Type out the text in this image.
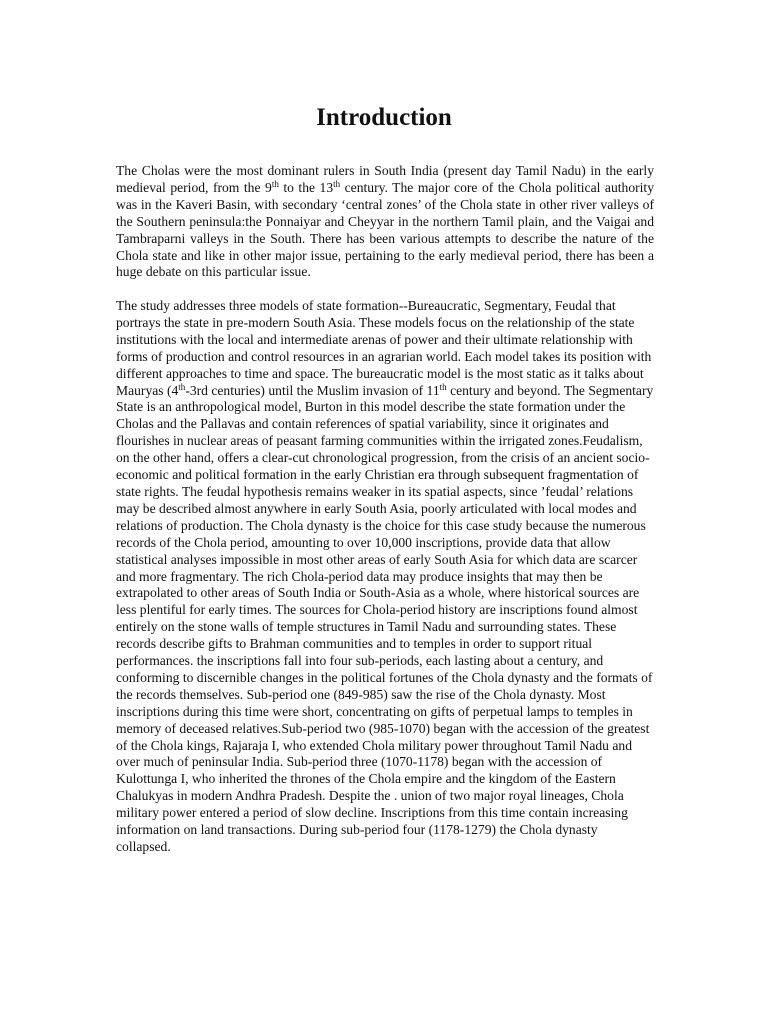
Introduction

The Cholas were the most dominant rulers in South India (present day Tamil Nadu) in the early medieval period, from the 9th to the 13th century. The major core of the Chola political authority was in the Kaveri Basin, with secondary ‘central zones’ of the Chola state in other river valleys of the Southern peninsula:the Ponnaiyar and Cheyyar in the northern Tamil plain, and the Vaigai and Tambraparni valleys in the South. There has been various attempts to describe the nature of the Chola state and like in other major issue, pertaining to the early medieval period, there has been a huge debate on this particular issue.

The study addresses three models of state formation--Bureaucratic, Segmentary, Feudal that portrays the state in pre-modern South Asia. These models focus on the relationship of the state institutions with the local and intermediate arenas of power and their ultimate relationship with forms of production and control resources in an agrarian world. Each model takes its position with different approaches to time and space. The bureaucratic model is the most static as it talks about Mauryas (4th-3rd centuries) until the Muslim invasion of 11th century and beyond. The Segmentary State is an anthropological model, Burton in this model describe the state formation under the Cholas and the Pallavas and contain references of spatial variability, since it originates and flourishes in nuclear areas of peasant farming communities within the irrigated zones.Feudalism, on the other hand, offers a clear-cut chronological progression, from the crisis of an ancient socio-economic and political formation in the early Christian era through subsequent fragmentation of state rights. The feudal hypothesis remains weaker in its spatial aspects, since ’feudal’ relations may be described almost anywhere in early South Asia, poorly articulated with local modes and relations of production. The Chola dynasty is the choice for this case study because the numerous records of the Chola period, amounting to over 10,000 inscriptions, provide data that allow statistical analyses impossible in most other areas of early South Asia for which data are scarcer and more fragmentary. The rich Chola-period data may produce insights that may then be extrapolated to other areas of South India or South-Asia as a whole, where historical sources are less plentiful for early times. The sources for Chola-period history are inscriptions found almost entirely on the stone walls of temple structures in Tamil Nadu and surrounding states. These records describe gifts to Brahman communities and to temples in order to support ritual performances. the inscriptions fall into four sub-periods, each lasting about a century, and conforming to discernible changes in the political fortunes of the Chola dynasty and the formats of the records themselves. Sub-period one (849-985) saw the rise of the Chola dynasty. Most inscriptions during this time were short, concentrating on gifts of perpetual lamps to temples in memory of deceased relatives.Sub-period two (985-1070) began with the accession of the greatest of the Chola kings, Rajaraja I, who extended Chola military power throughout Tamil Nadu and over much of peninsular India. Sub-period three (1070-1178) began with the accession of Kulottunga I, who inherited the thrones of the Chola empire and the kingdom of the Eastern Chalukyas in modern Andhra Pradesh. Despite the . union of two major royal lineages, Chola military power entered a period of slow decline. Inscriptions from this time contain increasing information on land transactions. During sub-period four (1178-1279) the Chola dynasty collapsed.
